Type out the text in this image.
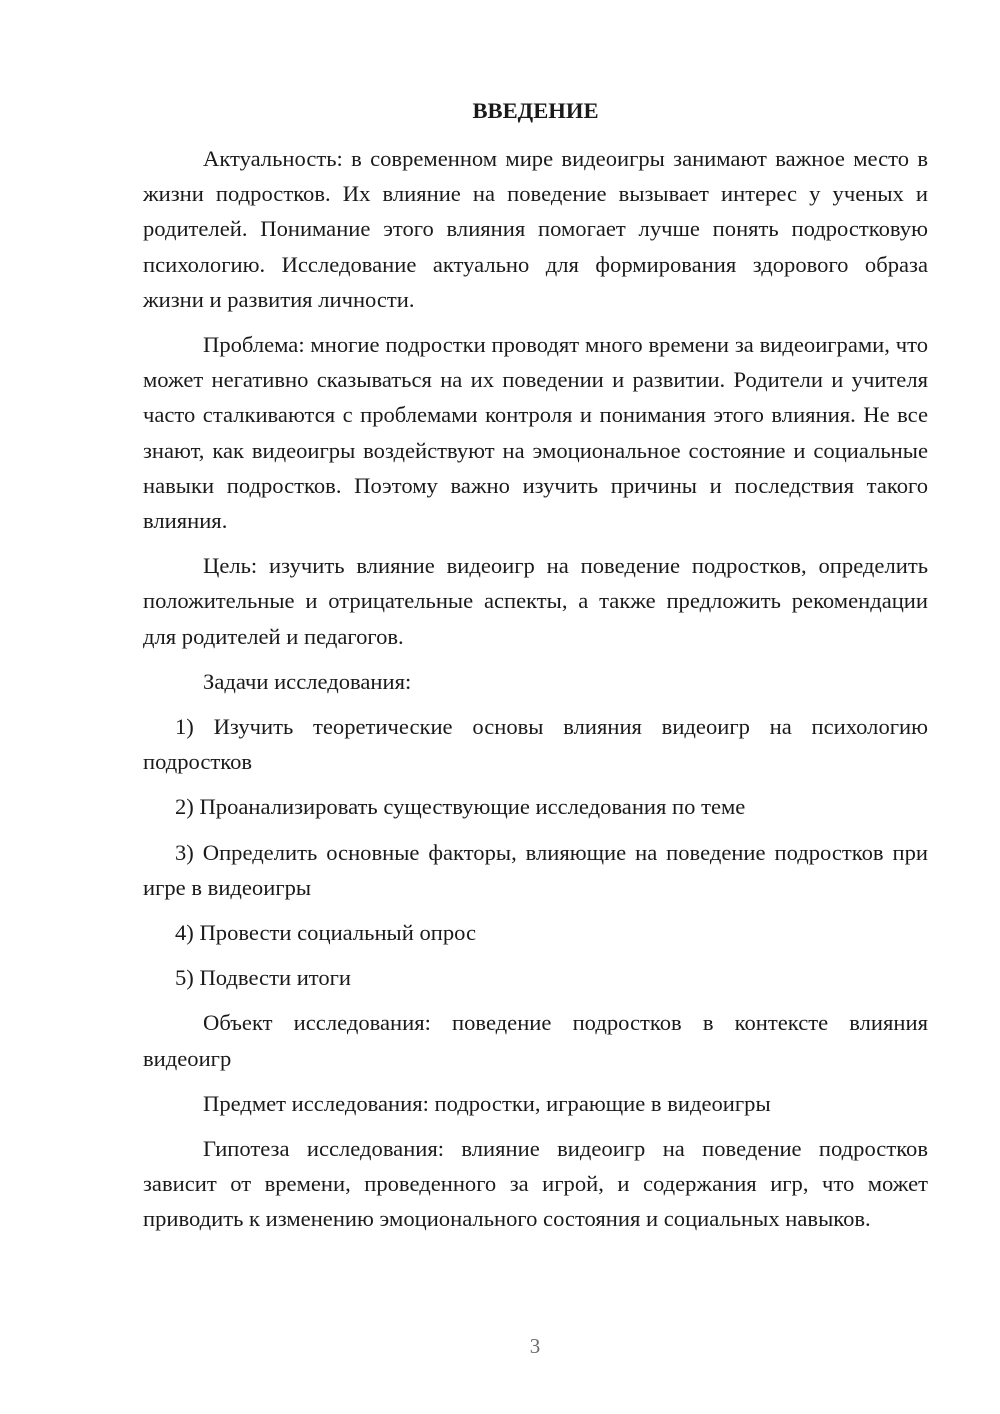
ВВЕДЕНИЕ

Актуальность: в современном мире видеоигры занимают важное место в жизни подростков. Их влияние на поведение вызывает интерес у ученых и родителей. Понимание этого влияния помогает лучше понять подростковую психологию. Исследование актуально для формирования здорового образа жизни и развития личности.

Проблема: многие подростки проводят много времени за видеоиграми, что может негативно сказываться на их поведении и развитии. Родители и учителя часто сталкиваются с проблемами контроля и понимания этого влияния. Не все знают, как видеоигры воздействуют на эмоциональное состояние и социальные навыки подростков. Поэтому важно изучить причины и последствия такого влияния.

Цель: изучить влияние видеоигр на поведение подростков, определить положительные и отрицательные аспекты, а также предложить рекомендации для родителей и педагогов.

Задачи исследования:

1) Изучить теоретические основы влияния видеоигр на психологию подростков

2) Проанализировать существующие исследования по теме

3) Определить основные факторы, влияющие на поведение подростков при игре в видеоигры

4) Провести социальный опрос

5) Подвести итоги

Объект исследования: поведение подростков в контексте влияния видеоигр

Предмет исследования: подростки, играющие в видеоигры

Гипотеза исследования: влияние видеоигр на поведение подростков зависит от времени, проведенного за игрой, и содержания игр, что может приводить к изменению эмоционального состояния и социальных навыков.

3
